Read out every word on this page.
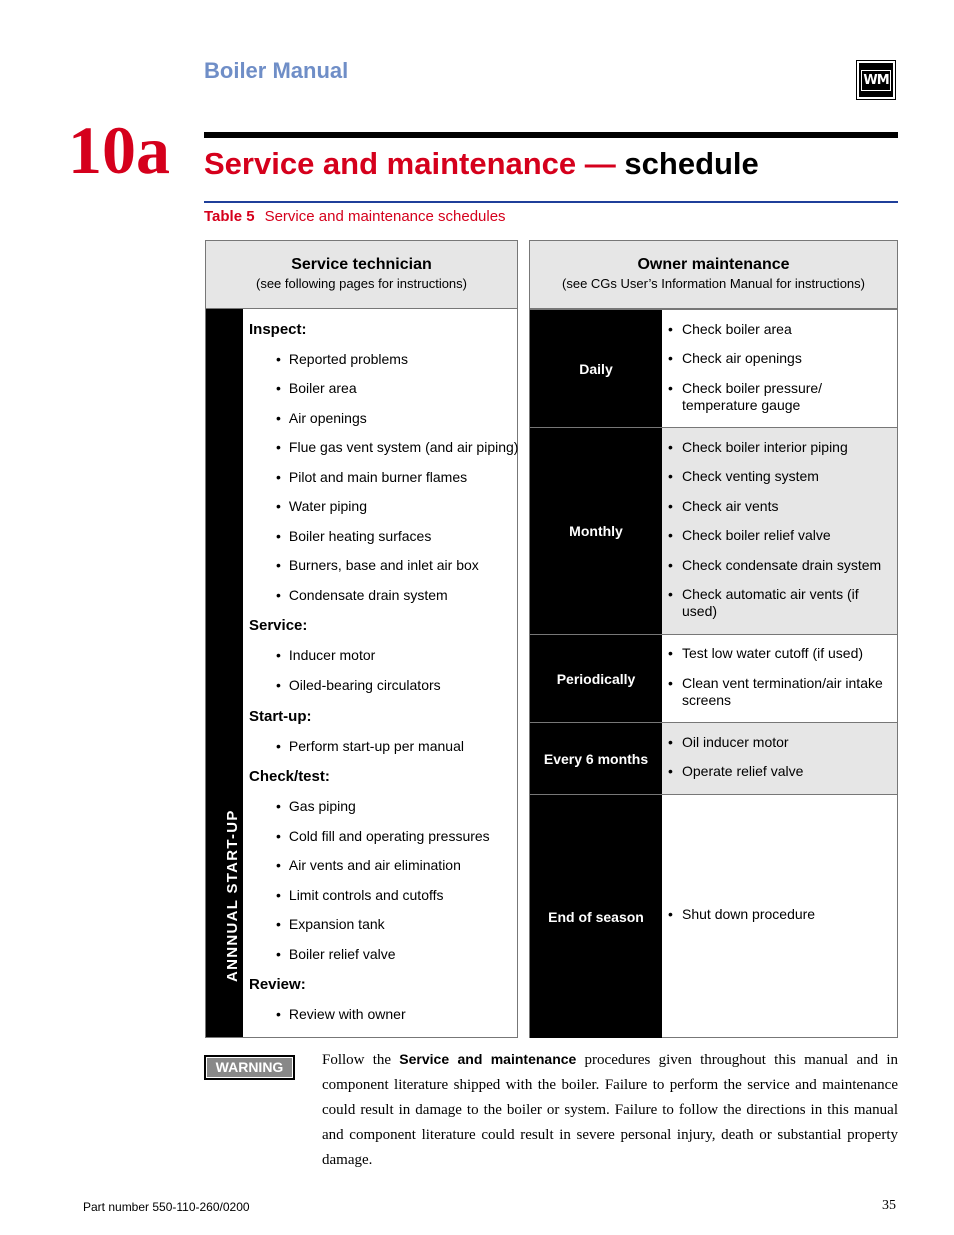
Boiler Manual	WM
10a Service and maintenance — schedule
Table 5 Service and maintenance schedules
Service technician
(see following pages for instructions)
ANNNUAL START-UP
Inspect:
• Reported problems
• Boiler area
• Air openings
• Flue gas vent system (and air piping)
• Pilot and main burner flames
• Water piping
• Boiler heating surfaces
• Burners, base and inlet air box
• Condensate drain system
Service:
• Inducer motor
• Oiled-bearing circulators
Start-up:
• Perform start-up per manual
Check/test:
• Gas piping
• Cold fill and operating pressures
• Air vents and air elimination
• Limit controls and cutoffs
• Expansion tank
• Boiler relief valve
Review:
• Review with owner
Owner maintenance
(see CGs User’s Information Manual for instructions)
Daily
• Check boiler area
• Check air openings
• Check boiler pressure/ temperature gauge
Monthly
• Check boiler interior piping
• Check venting system
• Check air vents
• Check boiler relief valve
• Check condensate drain system
• Check automatic air vents (if used)
Periodically
• Test low water cutoff (if used)
• Clean vent termination/air intake screens
Every 6 months
• Oil inducer motor
• Operate relief valve
End of season	• Shut down procedure
WARNING	Follow the Service and maintenance procedures given throughout this manual and in component literature shipped with the boiler. Failure to perform the service and maintenance could result in damage to the boiler or system. Failure to follow the directions in this manual and component literature could result in severe personal injury, death or substantial property damage.
Part number 550-110-260/0200	35
